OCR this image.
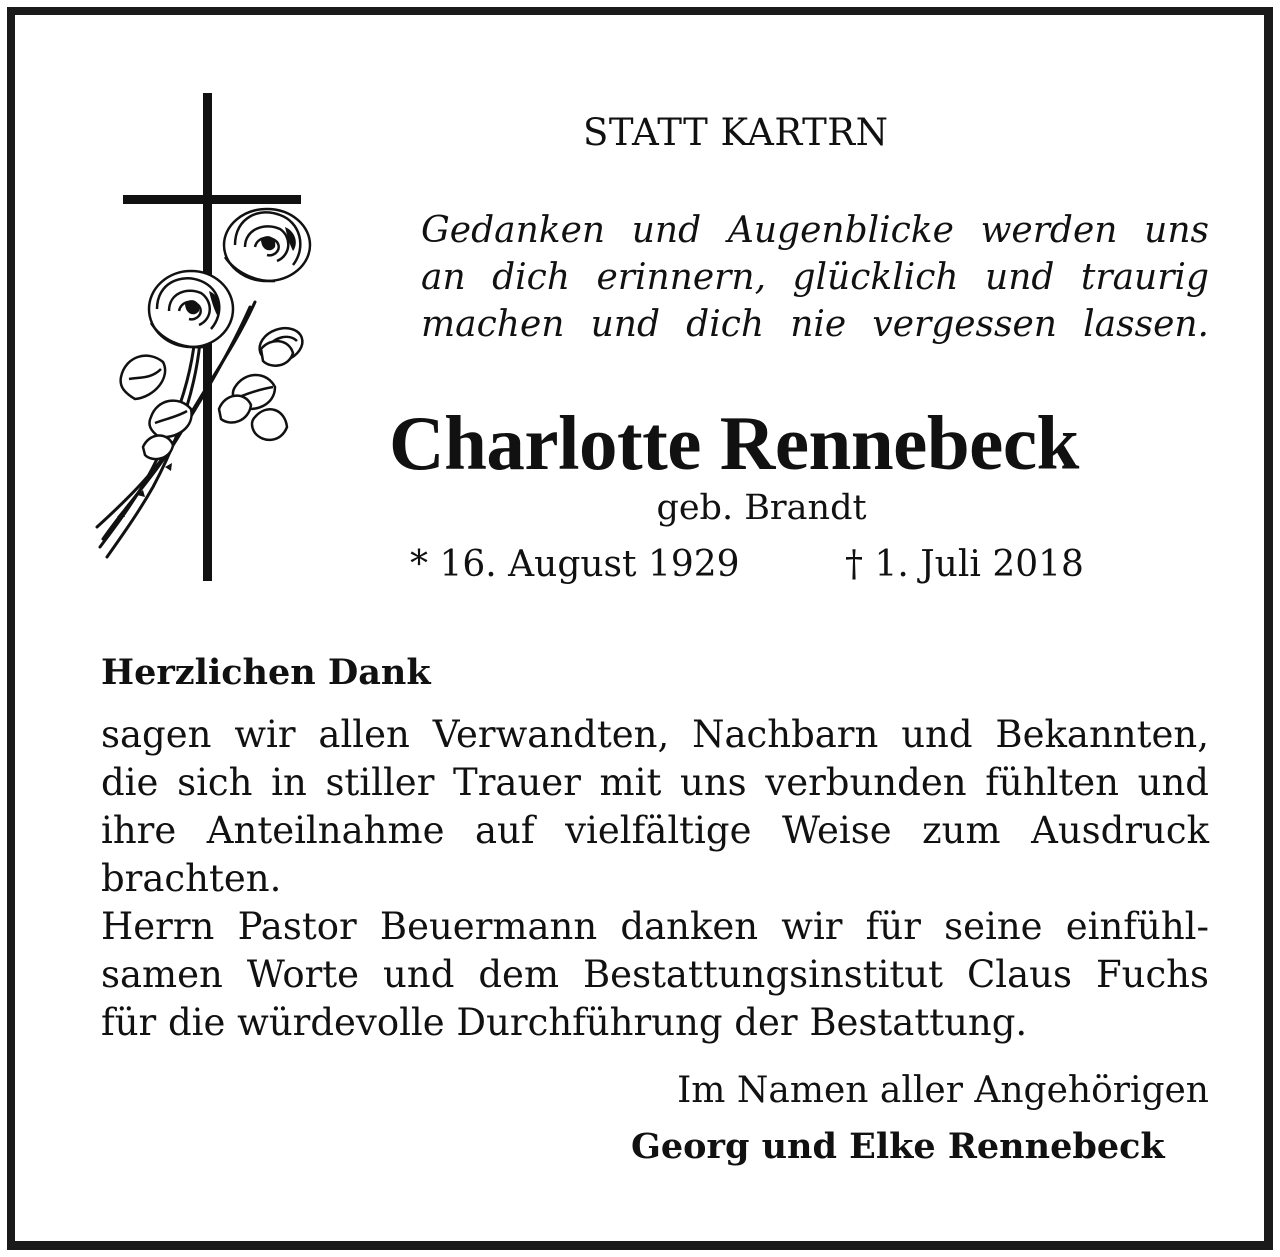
STATT KARTRN
Gedanken und Augenblicke werden uns
an dich erinnern, glücklich und traurig
machen und dich nie vergessen lassen.
Charlotte Rennebeck
geb. Brandt
* 16. August 1929	† 1. Juli 2018
Herzlichen Dank
sagen wir allen Verwandten, Nachbarn und Bekannten,
die sich in stiller Trauer mit uns verbunden fühlten und
ihre Anteilnahme auf vielfältige Weise zum Ausdruck
brachten.
Herrn Pastor Beuermann danken wir für seine einfühl-
samen Worte und dem Bestattungsinstitut Claus Fuchs
für die würdevolle Durchführung der Bestattung.
Im Namen aller Angehörigen
Georg und Elke Rennebeck
